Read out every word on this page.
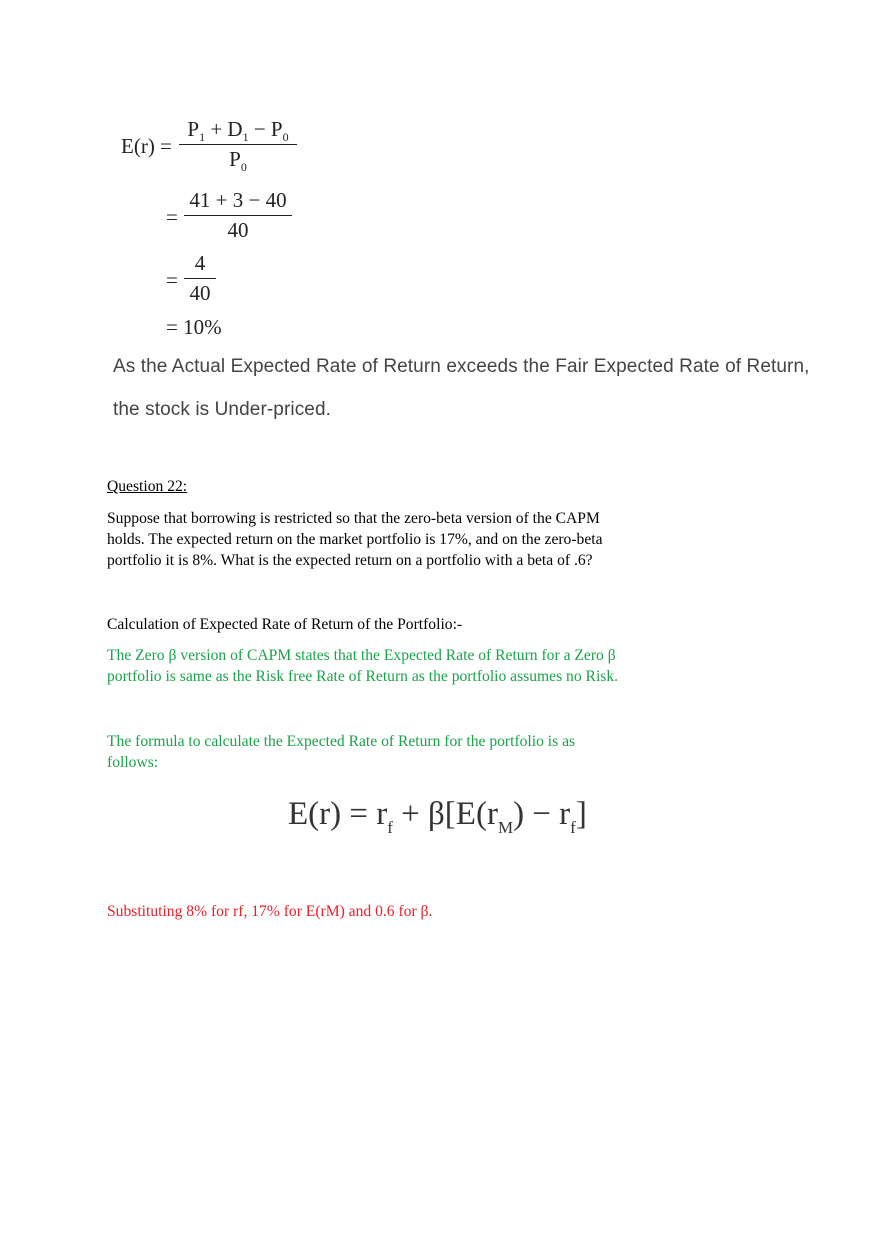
E(r) =
$P_1 + D_1 - P_0$
$P_0$
=
41 + 3 − 40
40
=
4
40
= 10%
As the Actual Expected Rate of Return exceeds the Fair Expected Rate of Return,
the stock is Under-priced.
Question 22:
Suppose that borrowing is restricted so that the zero-beta version of the CAPM holds. The expected return on the market portfolio is 17%, and on the zero-beta portfolio it is 8%. What is the expected return on a portfolio with a beta of .6?
Calculation of Expected Rate of Return of the Portfolio:-
The Zero β version of CAPM states that the Expected Rate of Return for a Zero β portfolio is same as the Risk free Rate of Return as the portfolio assumes no Risk.
The formula to calculate the Expected Rate of Return for the portfolio is as follows:
$E(r) = r_f + \beta[E(r_M) - r_f]$
Substituting 8% for rf, 17% for E(rM) and 0.6 for β.
